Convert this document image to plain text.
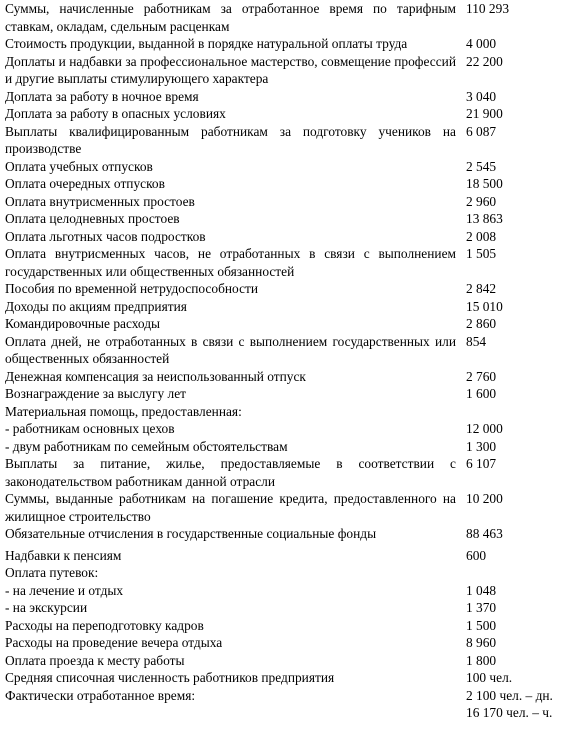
Суммы, начисленные работникам за отработанное время по тарифным ставкам, окладам, сдельным расценкам	110 293

Стоимость продукции, выданной в порядке натуральной оплаты труда	4 000

Доплаты и надбавки за профессиональное мастерство, совмещение профессий и другие выплаты стимулирующего характера	22 200

Доплата за работу в ночное время	3 040

Доплата за работу в опасных условиях	21 900

Выплаты квалифицированным работникам за подготовку учеников на производстве	6 087

Оплата учебных отпусков	2 545

Оплата очередных отпусков	18 500

Оплата внутрисменных простоев	2 960

Оплата целодневных простоев	13 863

Оплата льготных часов подростков	2 008

Оплата внутрисменных часов, не отработанных в связи с выполнением государственных или общественных обязанностей	1 505

Пособия по временной нетрудоспособности	2 842

Доходы по акциям предприятия	15 010

Командировочные расходы	2 860

Оплата дней, не отработанных в связи с выполнением государственных или общественных обязанностей	854

Денежная компенсация за неиспользованный отпуск	2 760

Вознаграждение за выслугу лет	1 600

Материальная помощь, предоставленная:	

- работникам основных цехов	12 000

- двум работникам по семейным обстоятельствам	1 300

Выплаты за питание, жилье, предоставляемые в соответствии с законодательством работникам данной отрасли	6 107

Суммы, выданные работникам на погашение кредита, предоставленного на жилищное строительство	10 200

Обязательные отчисления в государственные социальные фонды	88 463

Надбавки к пенсиям	600

Оплата путевок:	

- на лечение и отдых	1 048

- на экскурсии	1 370

Расходы на переподготовку кадров	1 500

Расходы на проведение вечера отдыха	8 960

Оплата проезда к месту работы	1 800

Средняя списочная численность работников предприятия	100 чел.

Фактически отработанное время:	2 100 чел. – дн.
16 170 чел. – ч.
